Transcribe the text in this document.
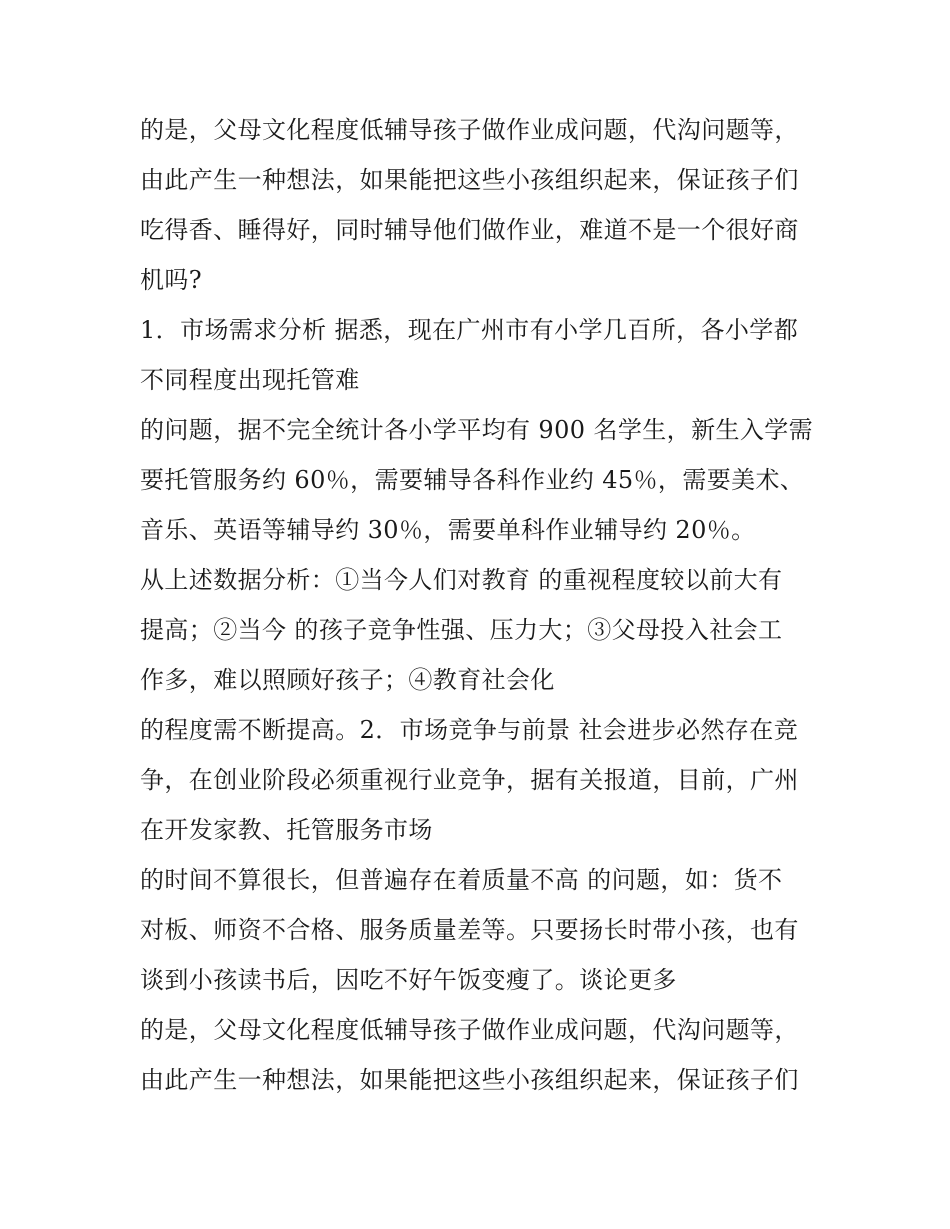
的是，父母文化程度低辅导孩子做作业成问题，代沟问题等，
由此产生一种想法，如果能把这些小孩组织起来，保证孩子们
吃得香、睡得好，同时辅导他们做作业，难道不是一个很好商
机吗?
1．市场需求分析 据悉，现在广州市有小学几百所，各小学都
不同程度出现托管难
的问题，据不完全统计各小学平均有 900 名学生，新生入学需
要托管服务约 60％，需要辅导各科作业约 45％，需要美术、
音乐、英语等辅导约 30％，需要单科作业辅导约 20％。
从上述数据分析：①当今人们对教育 的重视程度较以前大有
提高；②当今 的孩子竞争性强、压力大；③父母投入社会工
作多，难以照顾好孩子；④教育社会化
的程度需不断提高。2．市场竞争与前景 社会进步必然存在竞
争，在创业阶段必须重视行业竞争，据有关报道，目前，广州
在开发家教、托管服务市场
的时间不算很长，但普遍存在着质量不高 的问题，如：货不
对板、师资不合格、服务质量差等。只要扬长时带小孩，也有
谈到小孩读书后，因吃不好午饭变瘦了。谈论更多
的是，父母文化程度低辅导孩子做作业成问题，代沟问题等，
由此产生一种想法，如果能把这些小孩组织起来，保证孩子们
